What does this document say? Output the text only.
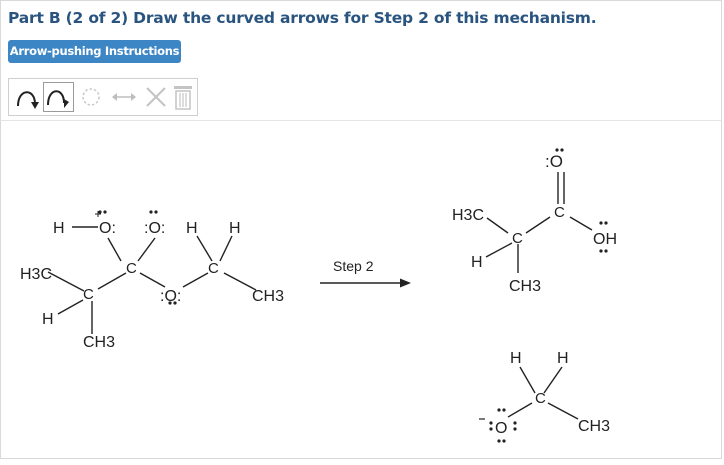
Part B (2 of 2) Draw the curved arrows for Step 2 of this mechanism.
Arrow-pushing Instructions
H O: :O: H H
H3C	C	C
C	:O:	CH3
H
CH3
Step 2
:O
H3C	C
C	OH
H
CH3
H H
C
O	CH3
